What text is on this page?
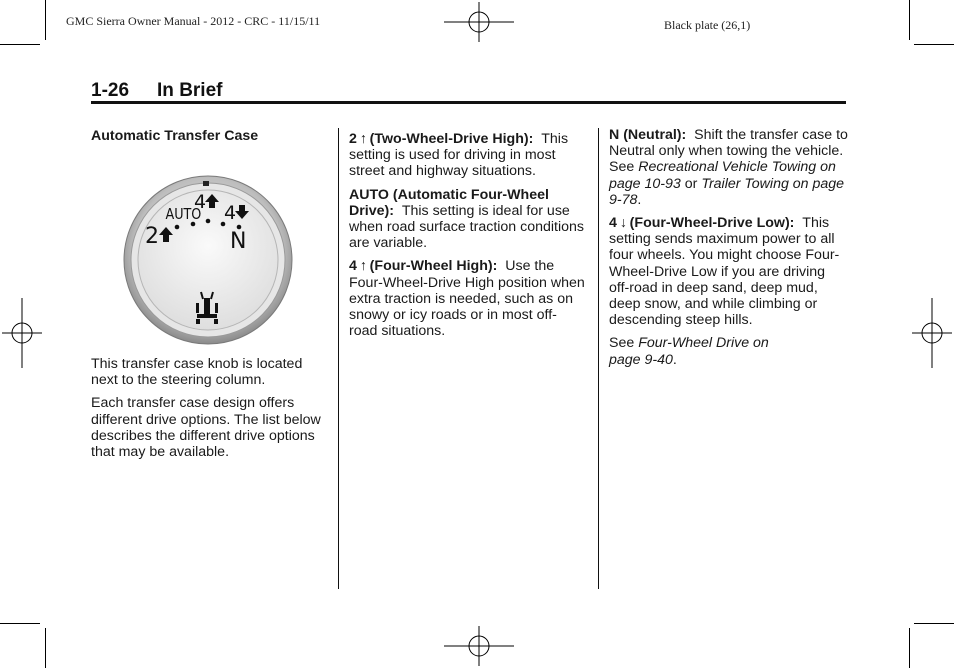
GMC Sierra Owner Manual - 2012 - CRC - 11/15/11	Black plate (26,1)
1-26 In Brief
Automatic Transfer Case
AUTO
4 4
2	N

This transfer case knob is located next to the steering column.

Each transfer case design offers different drive options. The list below describes the different drive options that may be available.

2  ↑  (Two-Wheel-Drive High): This setting is used for driving in most street and highway situations.

AUTO (Automatic Four-Wheel Drive): This setting is ideal for use when road surface traction conditions are variable.

4  ↑  (Four-Wheel High): Use the Four-Wheel-Drive High position when extra traction is needed, such as on snowy or icy roads or in most off-road situations.

N (Neutral): Shift the transfer case to Neutral only when towing the vehicle. See Recreational Vehicle Towing on page 10-93 or Trailer Towing on page 9-78.

4  ↓  (Four-Wheel-Drive Low): This setting sends maximum power to all four wheels. You might choose Four-Wheel-Drive Low if you are driving off-road in deep sand, deep mud, deep snow, and while climbing or descending steep hills.

See Four-Wheel Drive on page 9-40.
